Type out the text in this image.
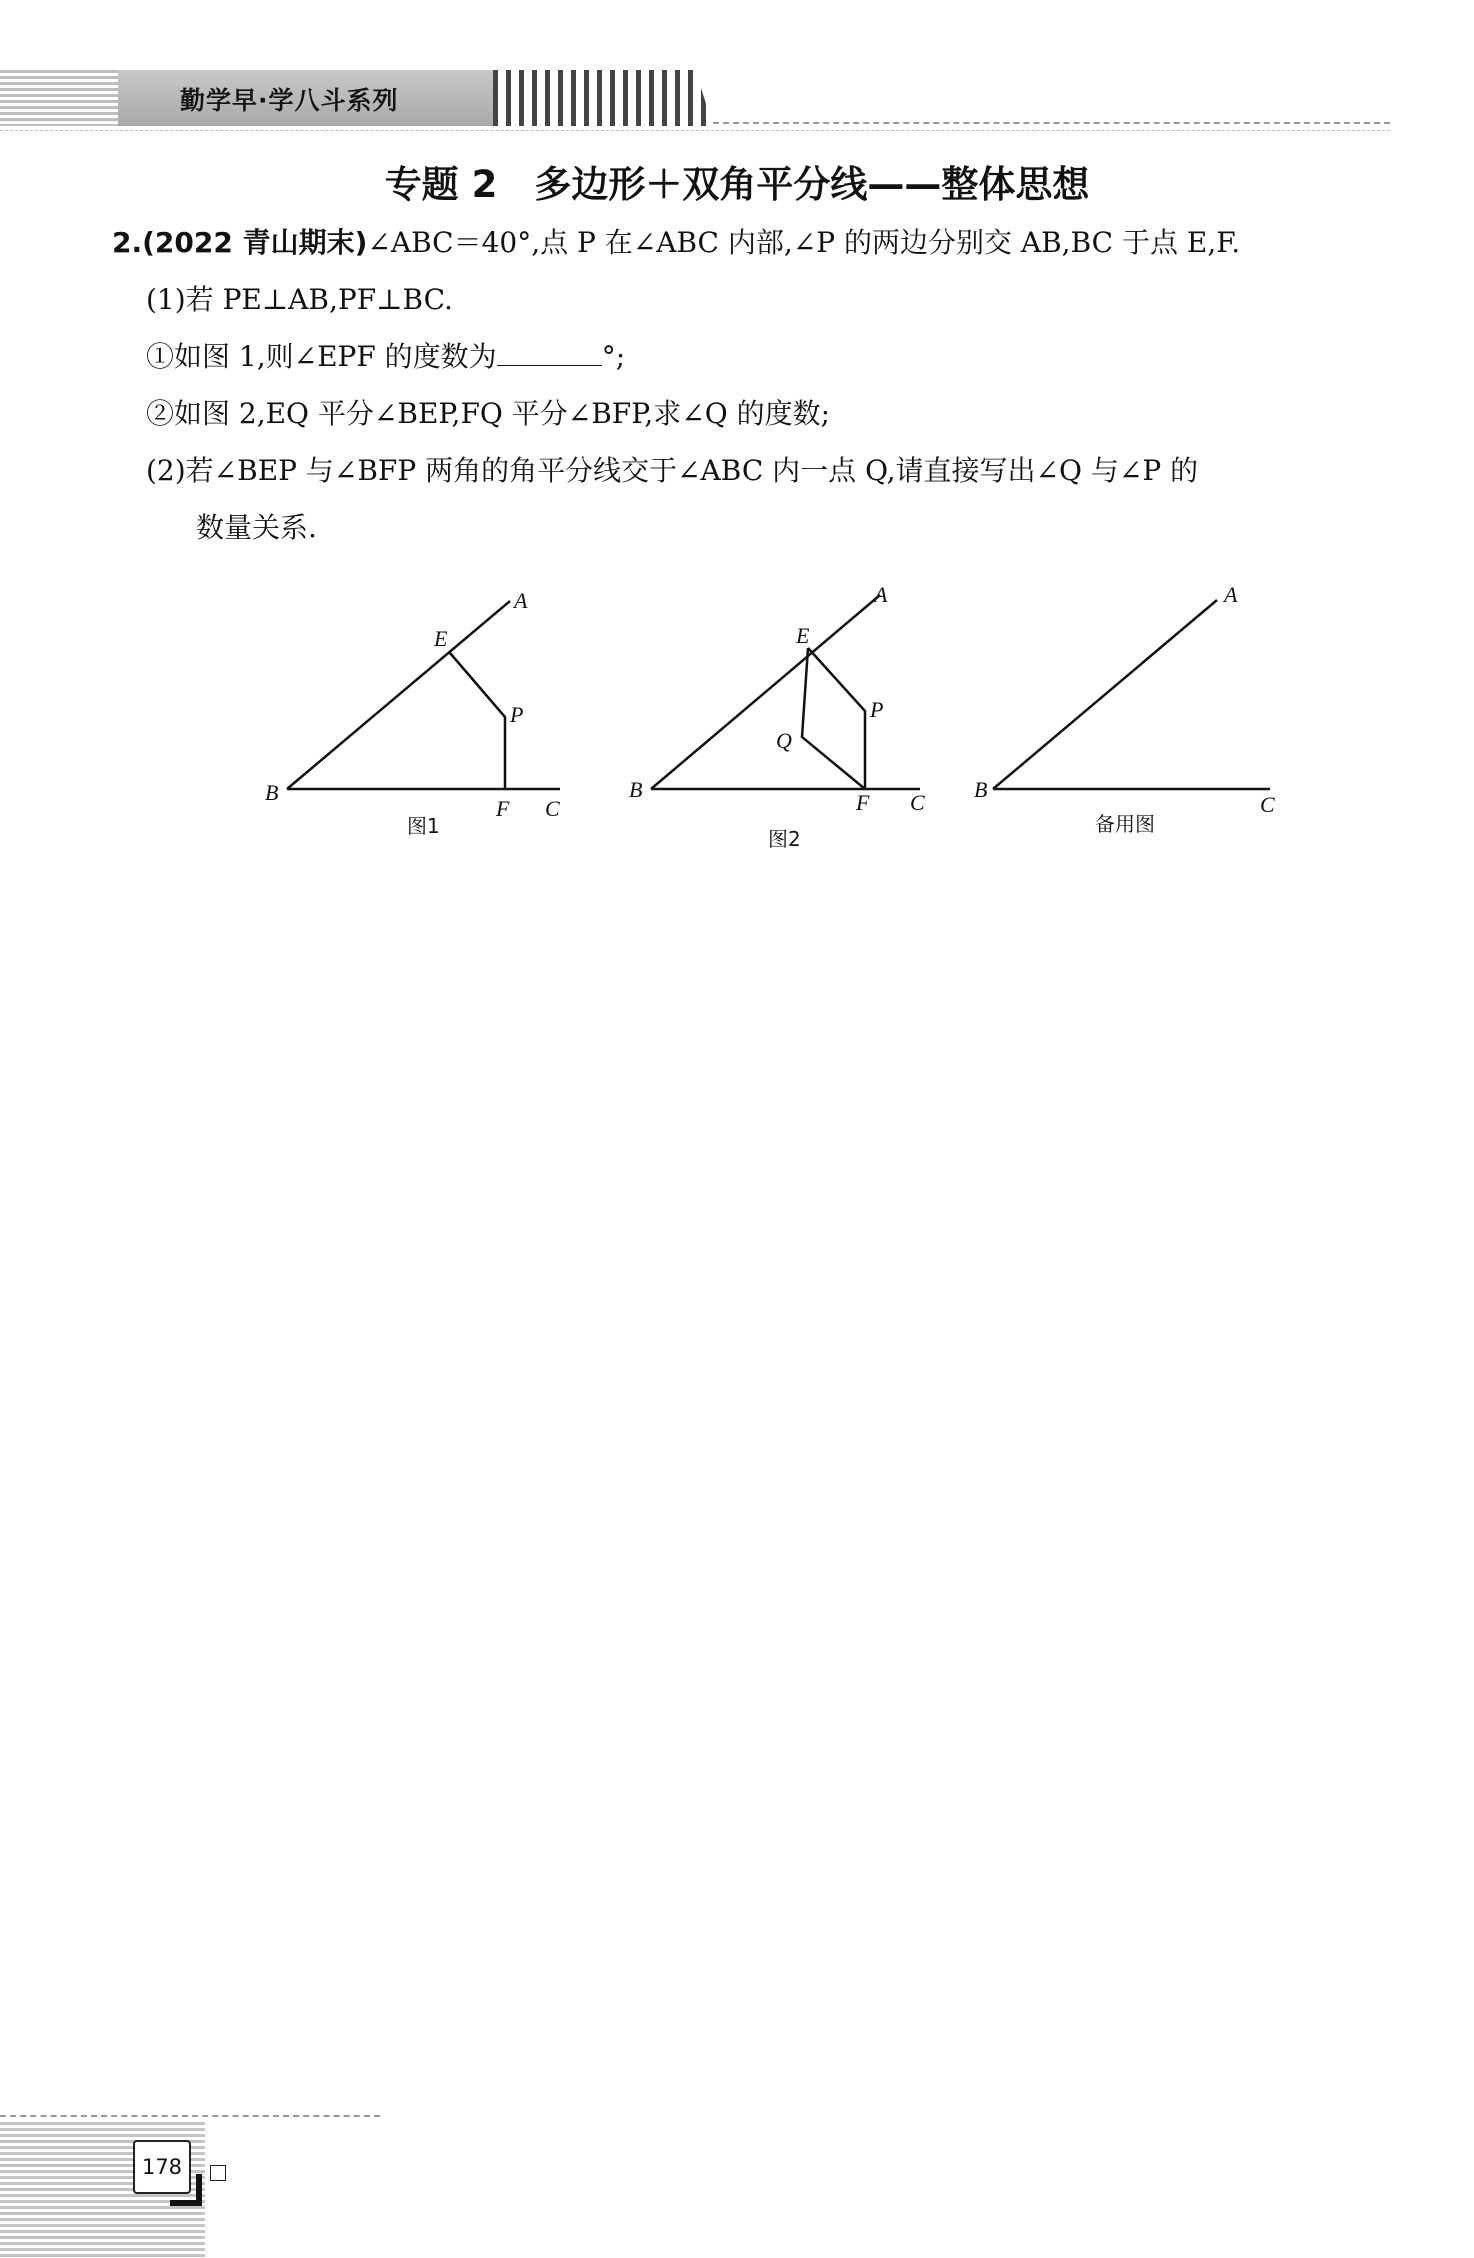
勤学早·学八斗系列
专题 2　多边形＋双角平分线——整体思想
2.(2022 青山期末)∠ABC＝40°,点 P 在∠ABC 内部,∠P 的两边分别交 AB,BC 于点 E,F.
(1)若 PE⊥AB,PF⊥BC.
①如图 1,则∠EPF 的度数为	°;
②如图 2,EQ 平分∠BEP,FQ 平分∠BFP,求∠Q 的度数;
(2)若∠BEP 与∠BFP 两角的角平分线交于∠ABC 内一点 Q,请直接写出∠Q 与∠P 的
数量关系.
B
A
E
P
F C
图1
B
A
E
P
Q
F C
图2
B
A
C
备用图
178
